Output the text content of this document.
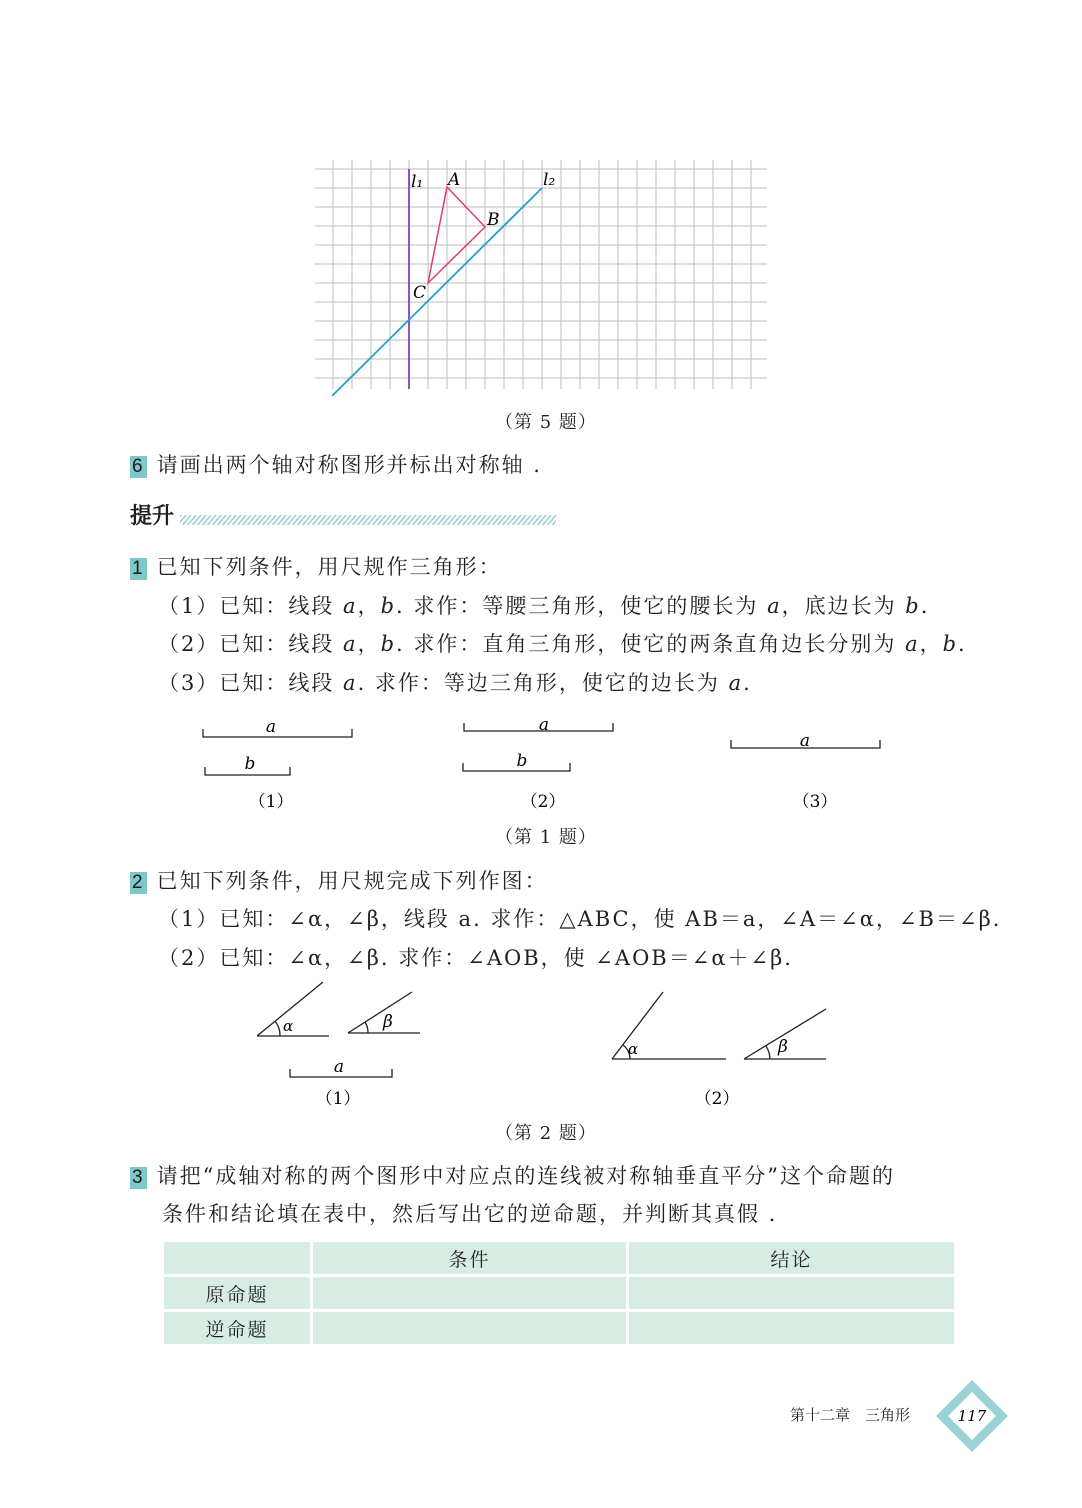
l₁ A
B
C
l₂
（第 5 题）
6 请画出两个轴对称图形并标出对称轴 .
提升
1 已知下列条件，用尺规作三角形：
（1）已知：线段 a，b. 求作：等腰三角形，使它的腰长为 a，底边长为 b.
（2）已知：线段 a，b. 求作：直角三角形，使它的两条直角边长分别为 a，b.
（3）已知：线段 a. 求作：等边三角形，使它的边长为 a.
a
b
a
b
a
（1）	（2）	（3）
（第 1 题）
2 已知下列条件，用尺规完成下列作图：
（1）已知：∠α，∠β，线段 a. 求作：△ABC，使 AB＝a，∠A＝∠α，∠B＝∠β.
（2）已知：∠α，∠β. 求作：∠AOB，使 ∠AOB＝∠α＋∠β.
α	β
a
α	β
（1）	（2）
（第 2 题）
3 请把“成轴对称的两个图形中对应点的连线被对称轴垂直平分”这个命题的
条件和结论填在表中，然后写出它的逆命题，并判断其真假 .
	条件	结论
原命题		
逆命题		
第十二章　三角形	117
